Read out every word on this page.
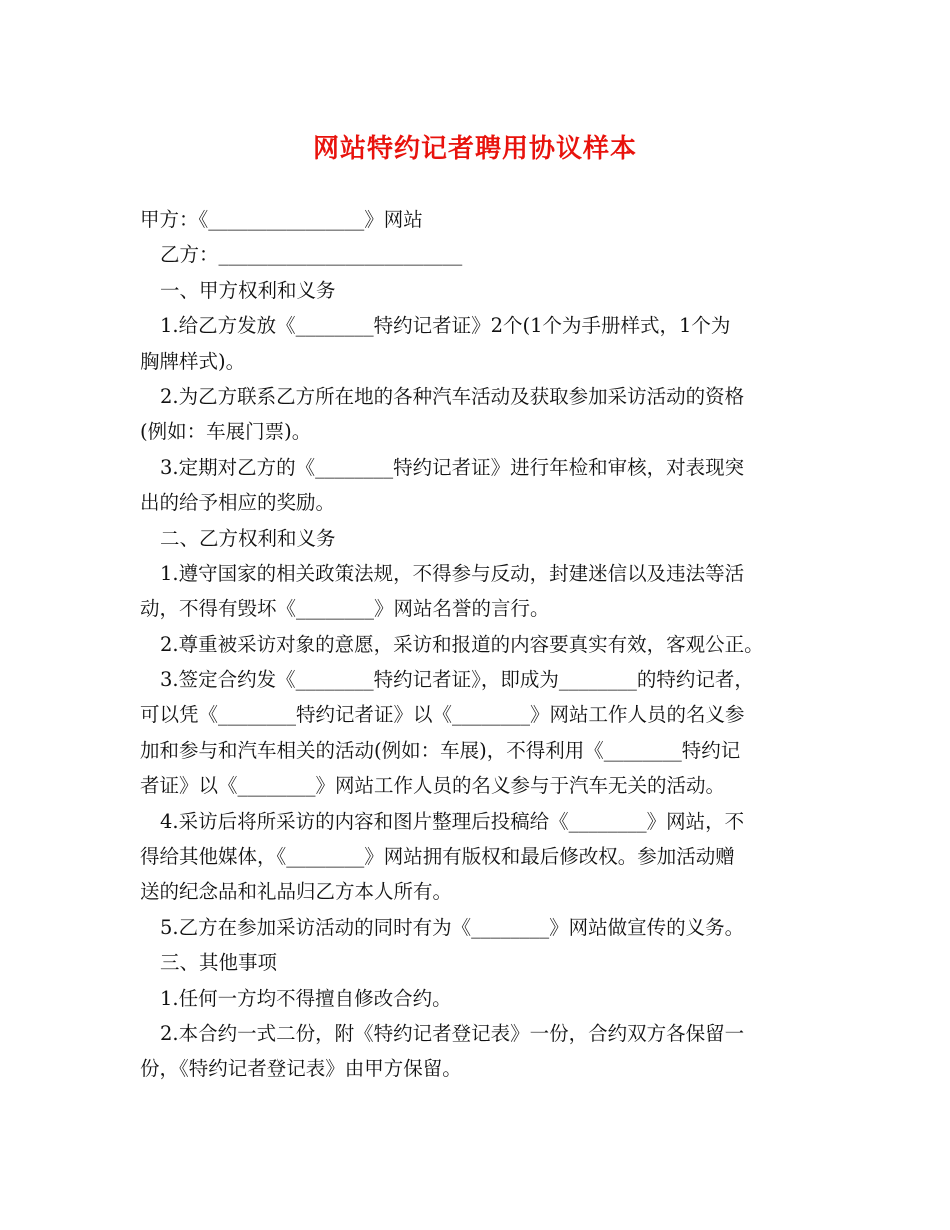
网站特约记者聘用协议样本
甲方：《________________》网站
乙方：_________________________
一、甲方权利和义务
1.给乙方发放《________特约记者证》2个(1个为手册样式，1个为
胸牌样式)。
2.为乙方联系乙方所在地的各种汽车活动及获取参加采访活动的资格
(例如：车展门票)。
3.定期对乙方的《________特约记者证》进行年检和审核，对表现突
出的给予相应的奖励。
二、乙方权利和义务
1.遵守国家的相关政策法规，不得参与反动，封建迷信以及违法等活
动，不得有毁坏《________》网站名誉的言行。
2.尊重被采访对象的意愿，采访和报道的内容要真实有效，客观公正。
3.签定合约发《________特约记者证》，即成为________的特约记者，
可以凭《________特约记者证》以《________》网站工作人员的名义参
加和参与和汽车相关的活动(例如：车展)，不得利用《________特约记
者证》以《________》网站工作人员的名义参与于汽车无关的活动。
4.采访后将所采访的内容和图片整理后投稿给《________》网站，不
得给其他媒体，《________》网站拥有版权和最后修改权。参加活动赠
送的纪念品和礼品归乙方本人所有。
5.乙方在参加采访活动的同时有为《________》网站做宣传的义务。
三、其他事项
1.任何一方均不得擅自修改合约。
2.本合约一式二份，附《特约记者登记表》一份，合约双方各保留一
份，《特约记者登记表》由甲方保留。
